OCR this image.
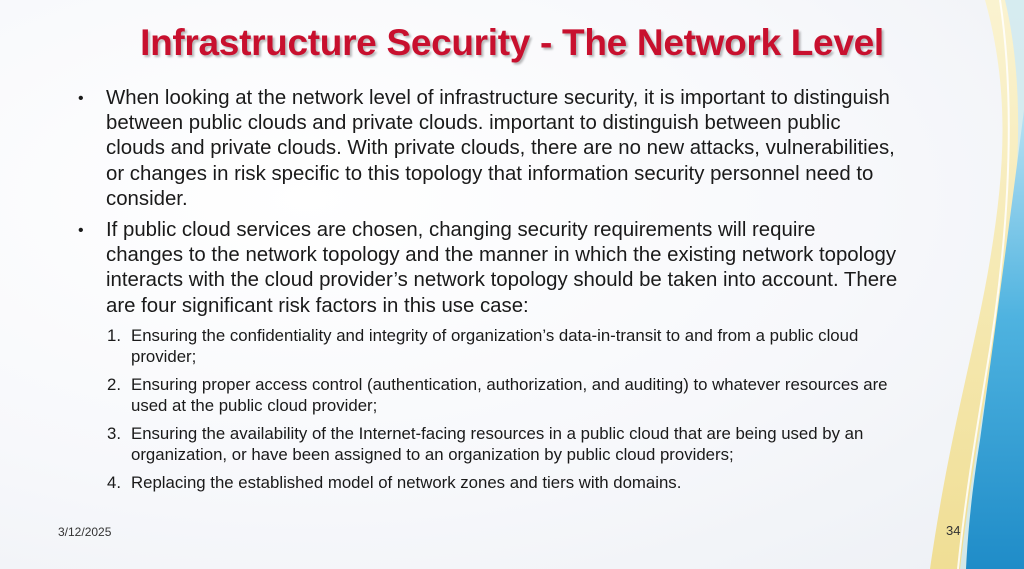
Infrastructure Security - The Network Level

•	When looking at the network level of infrastructure security, it is important to distinguish between public clouds and private clouds. important to distinguish between public clouds and private clouds. With private clouds, there are no new attacks, vulnerabilities, or changes in risk specific to this topology that information security personnel need to consider.

•	If public cloud services are chosen, changing security requirements will require changes to the network topology and the manner in which the existing network topology interacts with the cloud provider’s network topology should be taken into account. There are four significant risk factors in this use case:

1. Ensuring the confidentiality and integrity of organization’s data-in-transit to and from a public cloud provider;
2. Ensuring proper access control (authentication, authorization, and auditing) to whatever resources are used at the public cloud provider;
3. Ensuring the availability of the Internet-facing resources in a public cloud that are being used by an organization, or have been assigned to an organization by public cloud providers;
4. Replacing the established model of network zones and tiers with domains.
3/12/2025	34
